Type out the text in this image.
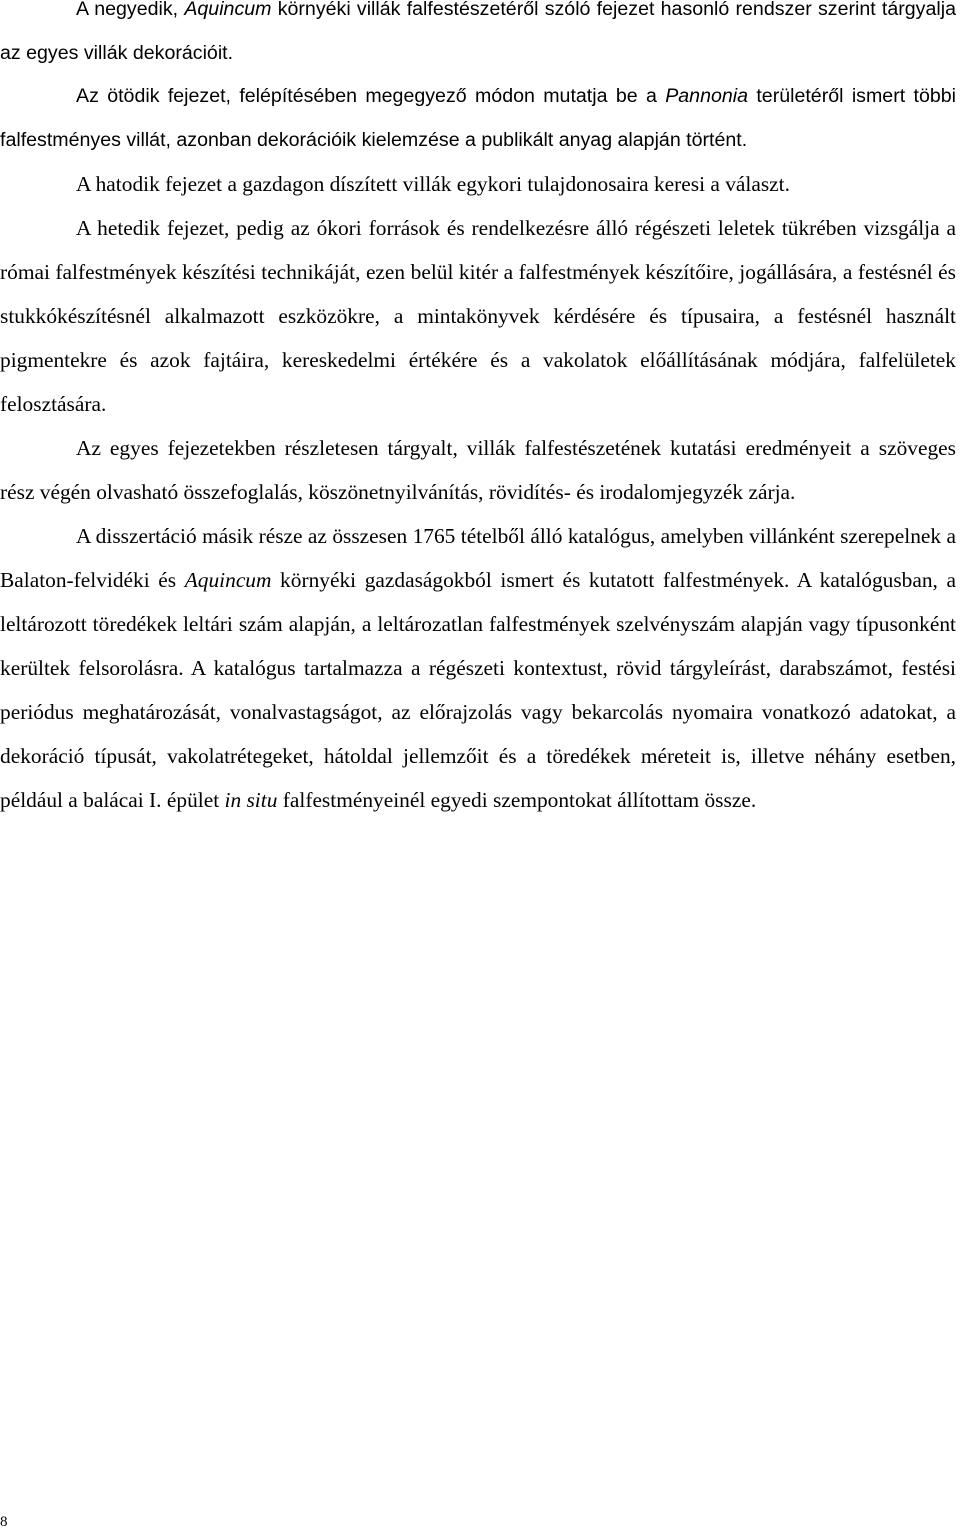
A negyedik, Aquincum környéki villák falfestészetéről szóló fejezet hasonló rendszer szerint tárgyalja az egyes villák dekorációit.

Az ötödik fejezet, felépítésében megegyező módon mutatja be a Pannonia területéről ismert többi falfestményes villát, azonban dekorációik kielemzése a publikált anyag alapján történt.

A hatodik fejezet a gazdagon díszített villák egykori tulajdonosaira keresi a választ.

A hetedik fejezet, pedig az ókori források és rendelkezésre álló régészeti leletek tükrében vizsgálja a római falfestmények készítési technikáját, ezen belül kitér a falfestmények készítőire, jogállására, a festésnél és stukkókészítésnél alkalmazott eszközökre, a mintakönyvek kérdésére és típusaira, a festésnél használt pigmentekre és azok fajtáira, kereskedelmi értékére és a vakolatok előállításának módjára, falfelületek felosztására.

Az egyes fejezetekben részletesen tárgyalt, villák falfestészetének kutatási eredményeit a szöveges rész végén olvasható összefoglalás, köszönetnyilvánítás, rövidítés- és irodalomjegyzék zárja.

A disszertáció másik része az összesen 1765 tételből álló katalógus, amelyben villánként szerepelnek a Balaton-felvidéki és Aquincum környéki gazdaságokból ismert és kutatott falfestmények. A katalógusban, a leltározott töredékek leltári szám alapján, a leltározatlan falfestmények szelvényszám alapján vagy típusonként kerültek felsorolásra. A katalógus tartalmazza a régészeti kontextust, rövid tárgyleírást, darabszámot, festési periódus meghatározását, vonalvastagságot, az előrajzolás vagy bekarcolás nyomaira vonatkozó adatokat, a dekoráció típusát, vakolatrétegeket, hátoldal jellemzőit és a töredékek méreteit is, illetve néhány esetben, például a balácai I. épület in situ falfestményeinél egyedi szempontokat állítottam össze.

8
